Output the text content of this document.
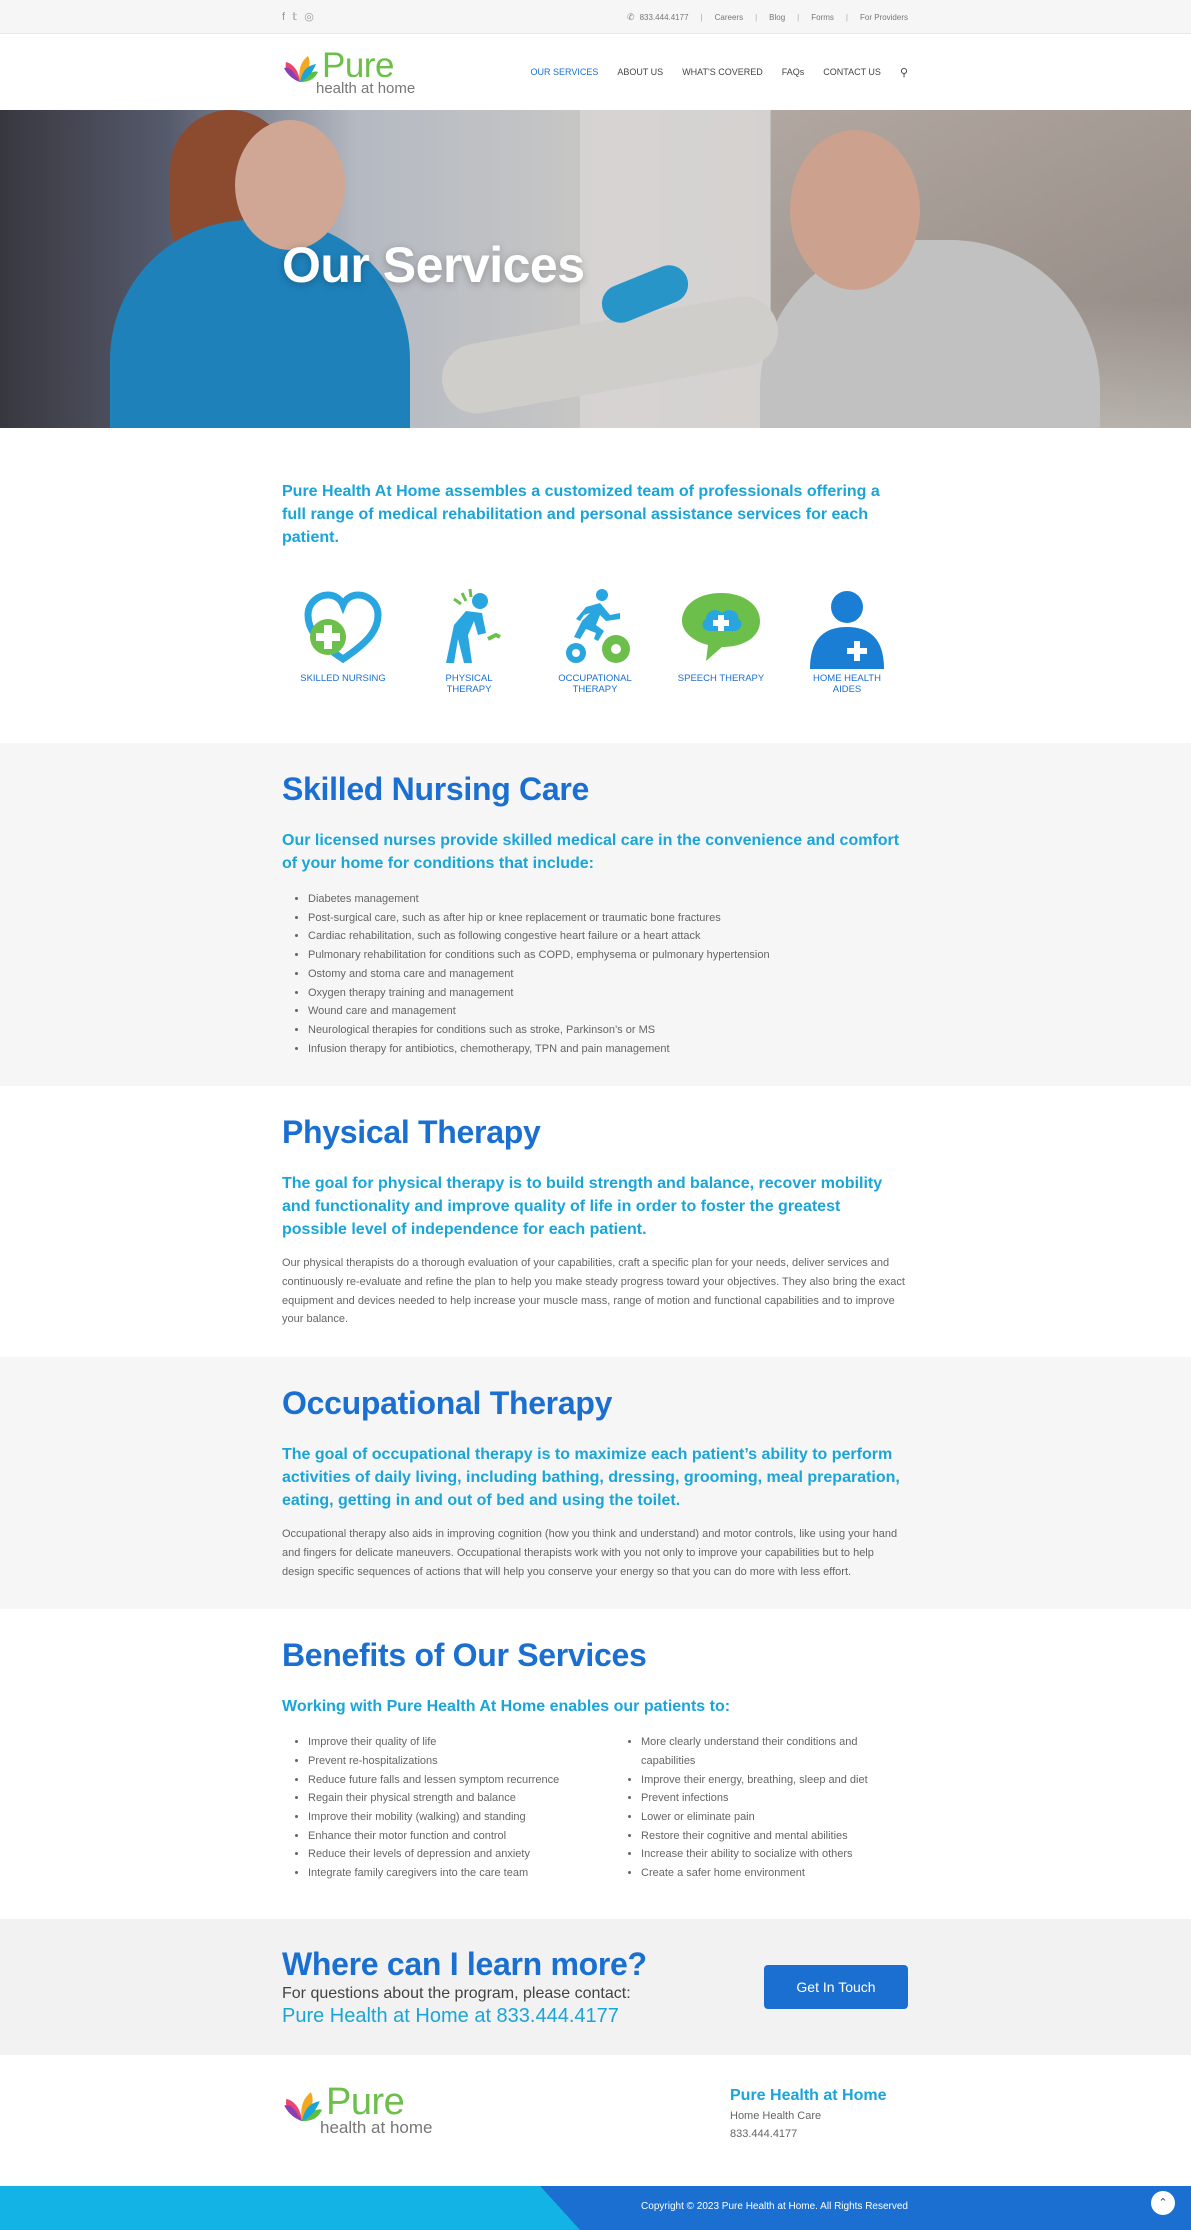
f 𝕥 ◎	✆ 833.444.4177 | Careers | Blog | Forms | For Providers
Pure
health at home
OUR SERVICES ABOUT US WHAT'S COVERED FAQs CONTACT US ⚲
Our Services

Pure Health At Home assembles a customized team of professionals offering a full range of medical rehabilitation and personal assistance services for each patient.

SKILLED NURSING	PHYSICAL THERAPY
OCCUPATIONAL THERAPY
SPEECH THERAPY	HOME HEALTH AIDES
Skilled Nursing Care
Our licensed nurses provide skilled medical care in the convenience and comfort of your home for conditions that include:
• Diabetes management
• Post-surgical care, such as after hip or knee replacement or traumatic bone fractures
• Cardiac rehabilitation, such as following congestive heart failure or a heart attack
• Pulmonary rehabilitation for conditions such as COPD, emphysema or pulmonary hypertension
• Ostomy and stoma care and management
• Oxygen therapy training and management
• Wound care and management
• Neurological therapies for conditions such as stroke, Parkinson’s or MS
• Infusion therapy for antibiotics, chemotherapy, TPN and pain management
Physical Therapy
The goal for physical therapy is to build strength and balance, recover mobility and functionality and improve quality of life in order to foster the greatest possible level of independence for each patient.

Our physical therapists do a thorough evaluation of your capabilities, craft a specific plan for your needs, deliver services and continuously re-evaluate and refine the plan to help you make steady progress toward your objectives. They also bring the exact equipment and devices needed to help increase your muscle mass, range of motion and functional capabilities and to improve your balance.

Occupational Therapy
The goal of occupational therapy is to maximize each patient’s ability to perform activities of daily living, including bathing, dressing, grooming, meal preparation, eating, getting in and out of bed and using the toilet.

Occupational therapy also aids in improving cognition (how you think and understand) and motor controls, like using your hand and fingers for delicate maneuvers. Occupational therapists work with you not only to improve your capabilities but to help design specific sequences of actions that will help you conserve your energy so that you can do more with less effort.

Benefits of Our Services
Working with Pure Health At Home enables our patients to:
• Improve their quality of life
• Prevent re-hospitalizations
• Reduce future falls and lessen symptom recurrence
• Regain their physical strength and balance
• Improve their mobility (walking) and standing
• Enhance their motor function and control
• Reduce their levels of depression and anxiety
• Integrate family caregivers into the care team
• More clearly understand their conditions and capabilities
• Improve their energy, breathing, sleep and diet
• Prevent infections
• Lower or eliminate pain
• Restore their cognitive and mental abilities
• Increase their ability to socialize with others
• Create a safer home environment
Where can I learn more?
For questions about the program, please contact:
Pure Health at Home at 833.444.4177
Get In Touch
Pure
health at home
Pure Health at Home
Home Health Care
833.444.4177
Copyright © 2023 Pure Health at Home. All Rights Reserved	⌃
